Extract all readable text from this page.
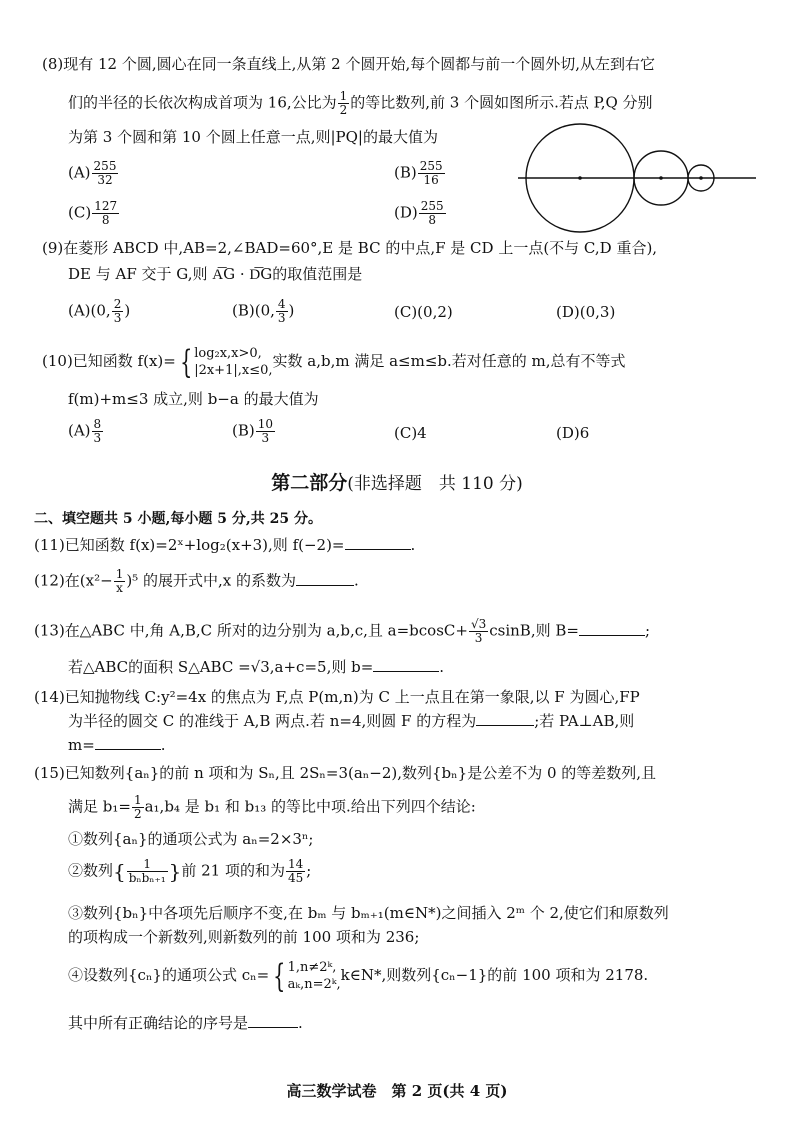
(8)现有 12 个圆,圆心在同一条直线上,从第 2 个圆开始,每个圆都与前一个圆外切,从左到右它
们的半径的长依次构成首项为 16,公比为 $\frac{1}{2}$ 的等比数列,前 3 个圆如图所示.若点 P,Q 分别
为第 3 个圆和第 10 个圆上任意一点,则|PQ|的最大值为
$(A) \frac{255}{32}$	$(B) \frac{255}{16}$
$(C) \frac{127}{8}$	$(D) \frac{255}{8}$
(9)在菱形 ABCD 中,AB=2,∠BAD=60°,E 是 BC 的中点,F 是 CD 上一点(不与 C,D 重合),
DE 与 AF 交于 G,则 A͞G · D͞G的取值范围是
(A)(0, $\frac{2}{3}$ )	(B)(0, $\frac{4}{3}$ )	(C)(0,2)	(D)(0,3)
(10)已知函数 f(x)= { log₂x,x>0,
|2x+1|,x≤0,
实数 a,b,m 满足 a≤m≤b.若对任意的 m,总有不等式
f(m)+m≤3 成立,则 b−a 的最大值为
$(A) \frac{8}{3}$	$(B) \frac{10}{3}$	(C)4	(D)6
第二部分(非选择题　共 110 分)
二、填空题共 5 小题,每小题 5 分,共 25 分。
(11)已知函数 f(x)=2ˣ+log₂(x+3),则 f(−2)=	.
(12)在$(x^2- \frac{1}{x} )^5$ 的展开式中,x 的系数为	.
(13)在△ABC 中,角 A,B,C 所对的边分别为 a,b,c,且 $a=bcosC+ \frac{√3}{3} csinB$,则 B=	;
若△ABC的面积 S△ABC =√3,a+c=5,则 b=	.
(14)已知抛物线 C:y²=4x 的焦点为 F,点 P(m,n)为 C 上一点且在第一象限,以 F 为圆心,FP
为半径的圆交 C 的准线于 A,B 两点.若 n=4,则圆 F 的方程为	;若 PA⊥AB,则
m=	.
(15)已知数列{aₙ}的前 n 项和为 Sₙ,且 2Sₙ=3(aₙ−2),数列{bₙ}是公差不为 0 的等差数列,且
满足 $b_1= \frac{1}{2} a_1,b_4$ 是 b₁ 和 b₁₃ 的等比中项.给出下列四个结论:
①数列{aₙ}的通项公式为 aₙ=2×3ⁿ;
②数列{ $\frac{1}{\text{bₙbₙ₊₁}}$ }前 21 项的和为 $\frac{14}{45}$ ;
③数列{bₙ}中各项先后顺序不变,在 bₘ 与 bₘ₊₁(m∈N*)之间插入 2ᵐ 个 2,使它们和原数列
的项构成一个新数列,则新数列的前 100 项和为 236;
④设数列{cₙ}的通项公式 cₙ= { 1,n≠2ᵏ,
aₖ,n=2ᵏ,
k∈N*,则数列{cₙ−1}的前 100 项和为 2178.
其中所有正确结论的序号是	.
高三数学试卷　第 2 页(共 4 页)
